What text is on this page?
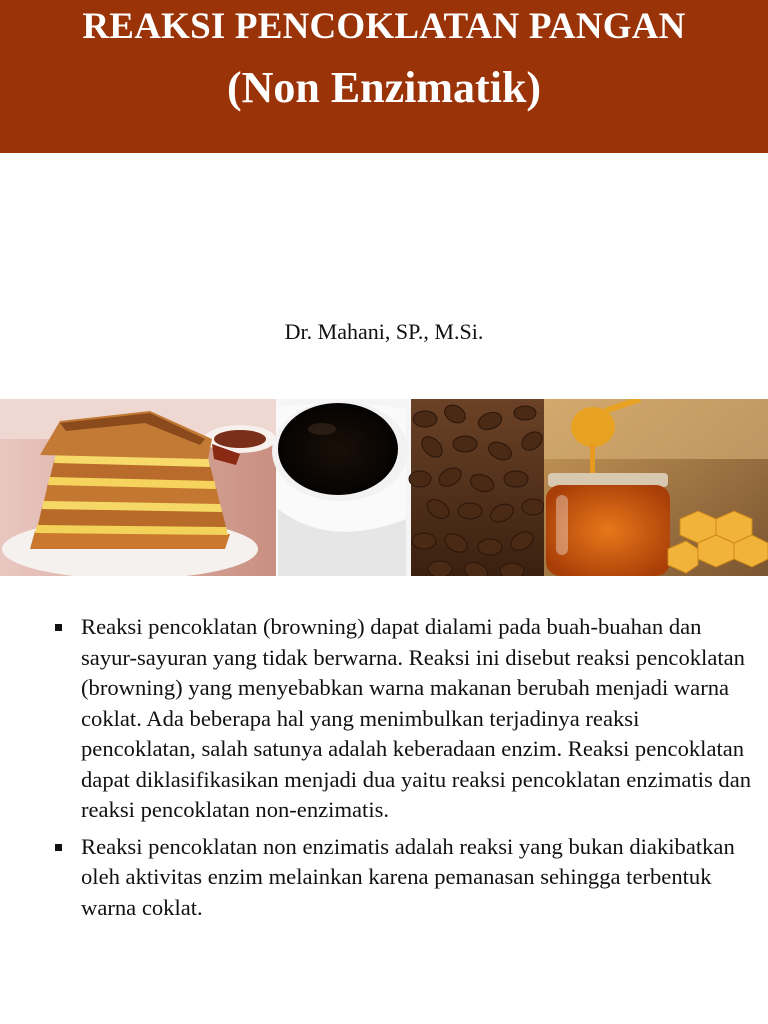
REAKSI PENCOKLATAN PANGAN
(Non Enzimatik)
Dr. Mahani, SP., M.Si.
Reaksi pencoklatan (browning) dapat dialami pada buah-buahan dan sayur-sayuran yang tidak berwarna. Reaksi ini disebut reaksi pencoklatan (browning) yang menyebabkan warna makanan berubah menjadi warna coklat. Ada beberapa hal yang menimbulkan terjadinya reaksi pencoklatan, salah satunya adalah keberadaan enzim. Reaksi pencoklatan dapat diklasifikasikan menjadi dua yaitu reaksi pencoklatan enzimatis dan reaksi pencoklatan non-enzimatis.
Reaksi pencoklatan non enzimatis adalah reaksi yang bukan diakibatkan oleh aktivitas enzim melainkan karena pemanasan sehingga terbentuk warna coklat.
